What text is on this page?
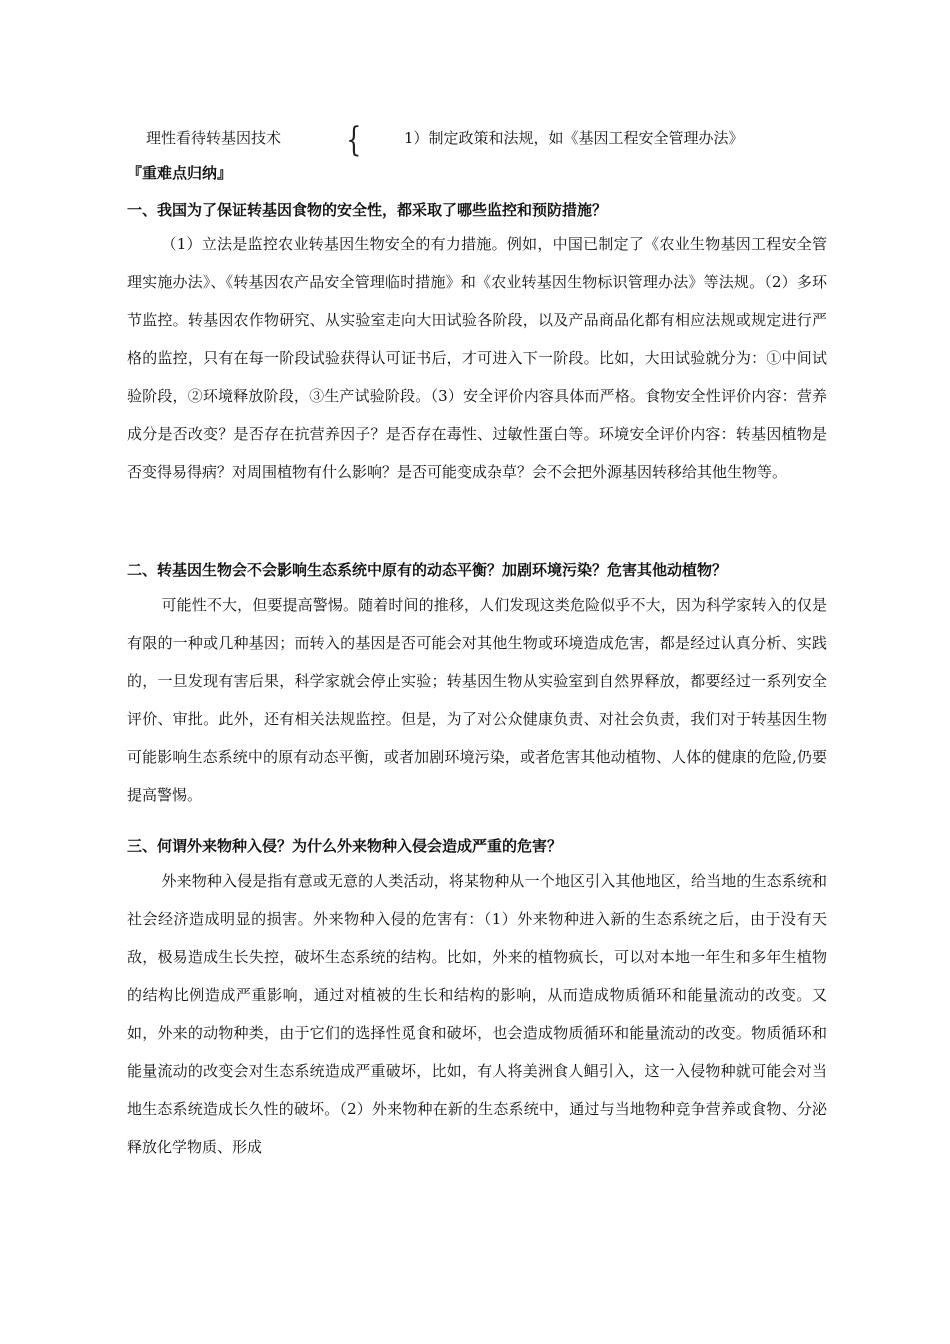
理性看待转基因技术 {	1）制定政策和法规，如《基因工程安全管理办法》
『重难点归纳』
一、我国为了保证转基因食物的安全性，都采取了哪些监控和预防措施？

（1）立法是监控农业转基因生物安全的有力措施。例如，中国已制定了《农业生物基因工程安全管理实施办法》、《转基因农产品安全管理临时措施》和《农业转基因生物标识管理办法》等法规。（2）多环节监控。转基因农作物研究、从实验室走向大田试验各阶段，以及产品商品化都有相应法规或规定进行严格的监控，只有在每一阶段试验获得认可证书后，才可进入下一阶段。比如，大田试验就分为：①中间试验阶段，②环境释放阶段，③生产试验阶段。（3）安全评价内容具体而严格。食物安全性评价内容：营养成分是否改变？是否存在抗营养因子？是否存在毒性、过敏性蛋白等。环境安全评价内容：转基因植物是否变得易得病？对周围植物有什么影响？是否可能变成杂草？会不会把外源基因转移给其他生物等。

二、转基因生物会不会影响生态系统中原有的动态平衡？加剧环境污染？危害其他动植物？

可能性不大，但要提高警惕。随着时间的推移，人们发现这类危险似乎不大，因为科学家转入的仅是有限的一种或几种基因；而转入的基因是否可能会对其他生物或环境造成危害，都是经过认真分析、实践的，一旦发现有害后果，科学家就会停止实验；转基因生物从实验室到自然界释放，都要经过一系列安全评价、审批。此外，还有相关法规监控。但是，为了对公众健康负责、对社会负责，我们对于转基因生物可能影响生态系统中的原有动态平衡，或者加剧环境污染，或者危害其他动植物、人体的健康的危险,仍要提高警惕。

三、何谓外来物种入侵？为什么外来物种入侵会造成严重的危害？

外来物种入侵是指有意或无意的人类活动，将某物种从一个地区引入其他地区，给当地的生态系统和社会经济造成明显的损害。外来物种入侵的危害有：（1）外来物种进入新的生态系统之后，由于没有天敌，极易造成生长失控，破坏生态系统的结构。比如，外来的植物疯长，可以对本地一年生和多年生植物的结构比例造成严重影响，通过对植被的生长和结构的影响，从而造成物质循环和能量流动的改变。又如，外来的动物种类，由于它们的选择性觅食和破坏，也会造成物质循环和能量流动的改变。物质循环和能量流动的改变会对生态系统造成严重破坏，比如，有人将美洲食人鲳引入，这一入侵物种就可能会对当地生态系统造成长久性的破坏。（2）外来物种在新的生态系统中，通过与当地物种竞争营养或食物、分泌释放化学物质、形成
